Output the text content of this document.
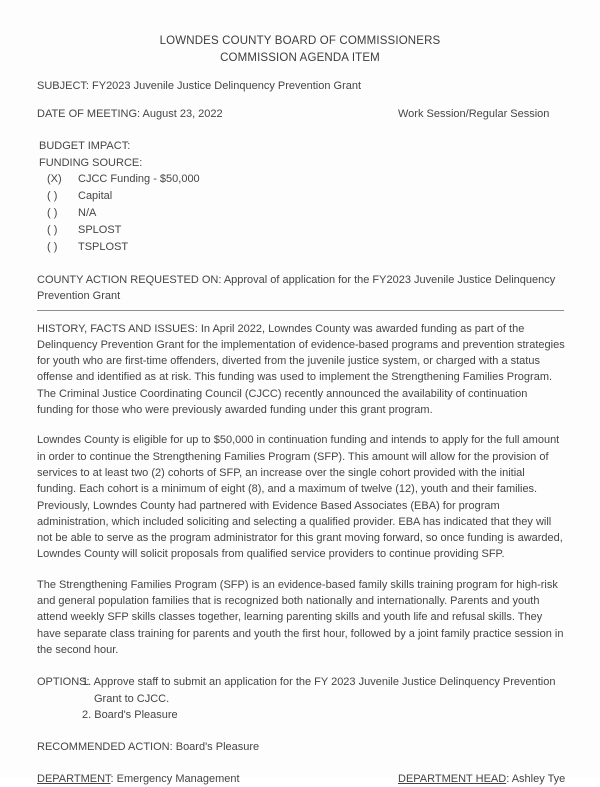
LOWNDES COUNTY BOARD OF COMMISSIONERS
COMMISSION AGENDA ITEM
SUBJECT: FY2023 Juvenile Justice Delinquency Prevention Grant
DATE OF MEETING: August 23, 2022	Work Session/Regular Session
BUDGET IMPACT:
FUNDING SOURCE:
(X)	CJCC Funding - $50,000
( )	Capital
( )	N/A
( )	SPLOST
( )	TSPLOST

COUNTY ACTION REQUESTED ON: Approval of application for the FY2023 Juvenile Justice Delinquency Prevention Grant

HISTORY, FACTS AND ISSUES: In April 2022, Lowndes County was awarded funding as part of the Delinquency Prevention Grant for the implementation of evidence-based programs and prevention strategies for youth who are first-time offenders, diverted from the juvenile justice system, or charged with a status offense and identified as at risk. This funding was used to implement the Strengthening Families Program. The Criminal Justice Coordinating Council (CJCC) recently announced the availability of continuation funding for those who were previously awarded funding under this grant program.

Lowndes County is eligible for up to $50,000 in continuation funding and intends to apply for the full amount in order to continue the Strengthening Families Program (SFP). This amount will allow for the provision of services to at least two (2) cohorts of SFP, an increase over the single cohort provided with the initial funding. Each cohort is a minimum of eight (8), and a maximum of twelve (12), youth and their families. Previously, Lowndes County had partnered with Evidence Based Associates (EBA) for program administration, which included soliciting and selecting a qualified provider. EBA has indicated that they will not be able to serve as the program administrator for this grant moving forward, so once funding is awarded, Lowndes County will solicit proposals from qualified service providers to continue providing SFP.

The Strengthening Families Program (SFP) is an evidence-based family skills training program for high-risk and general population families that is recognized both nationally and internationally. Parents and youth attend weekly SFP skills classes together, learning parenting skills and youth life and refusal skills. They have separate class training for parents and youth the first hour, followed by a joint family practice session in the second hour.

OPTIONS:
1. Approve staff to submit an application for the FY 2023 Juvenile Justice Delinquency Prevention Grant to CJCC.
2. Board's Pleasure

RECOMMENDED ACTION: Board's Pleasure

DEPARTMENT: Emergency Management	DEPARTMENT HEAD: Ashley Tye
